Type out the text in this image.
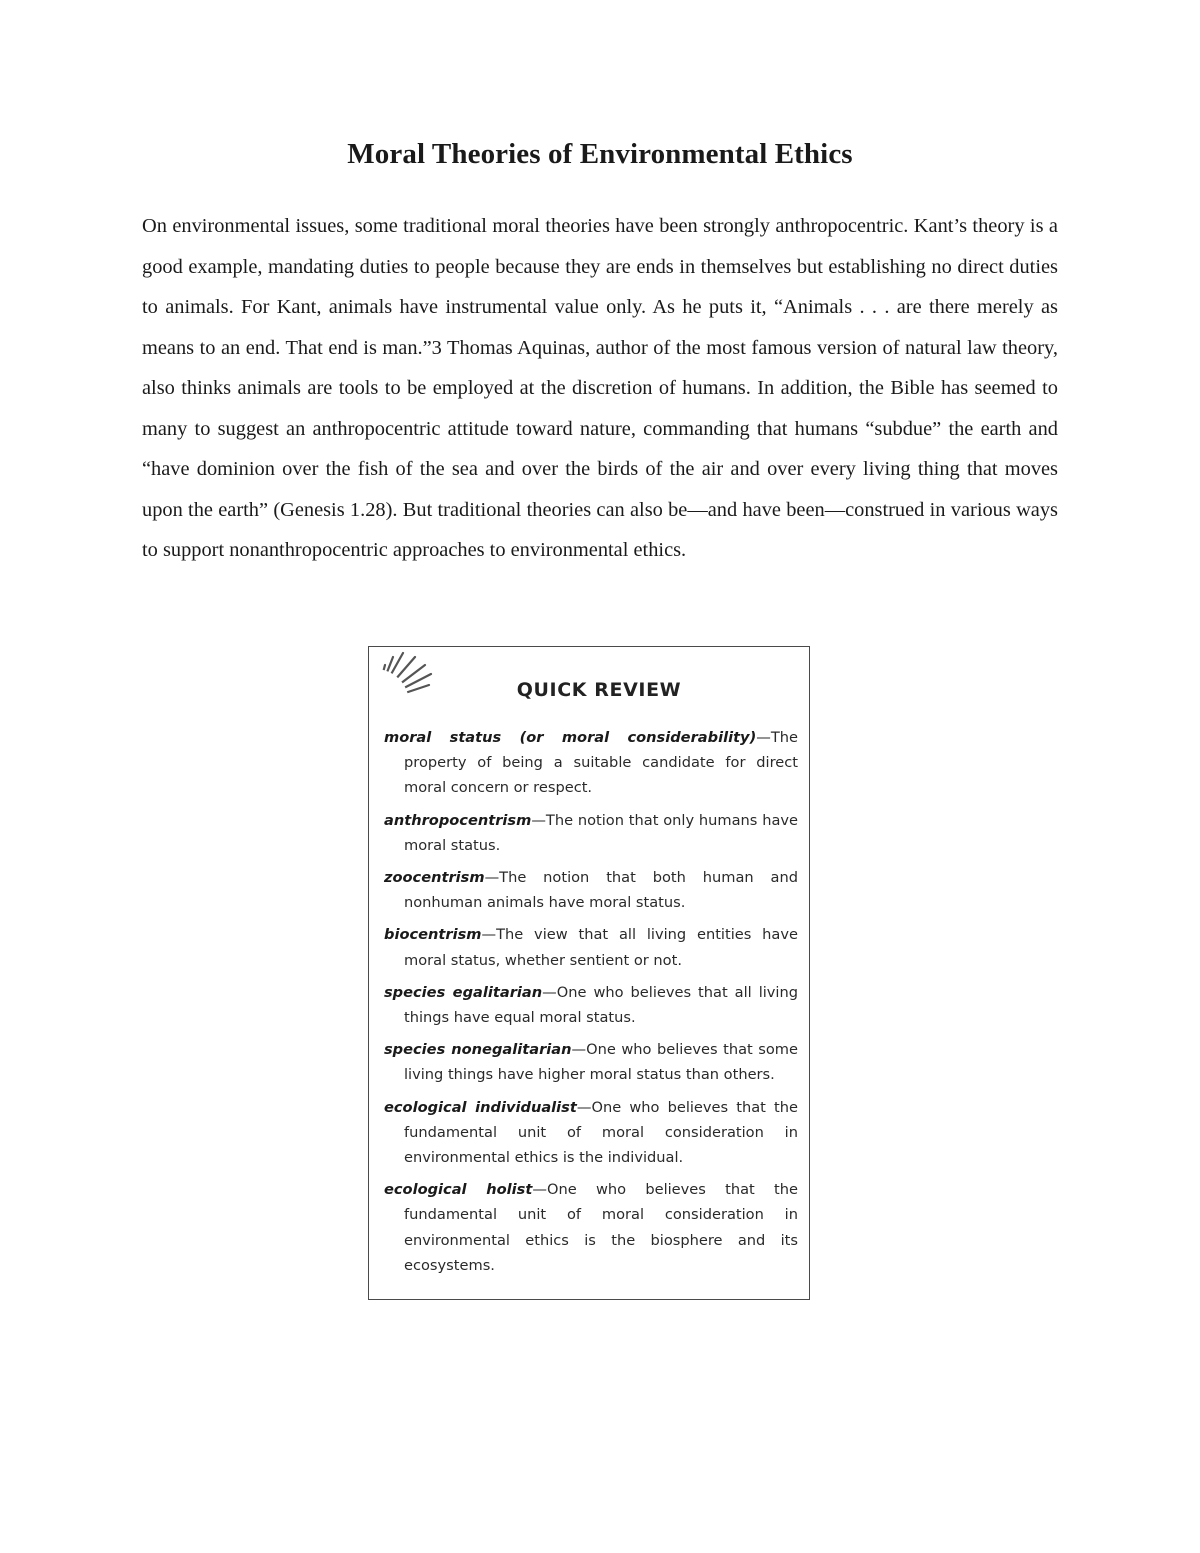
Moral Theories of Environmental Ethics

On environmental issues, some traditional moral theories have been strongly anthropocentric. Kant’s theory is a good example, mandating duties to people because they are ends in themselves but establishing no direct duties to animals. For Kant, animals have instrumental value only. As he puts it, “Animals . . . are there merely as means to an end. That end is man.”3 Thomas Aquinas, author of the most famous version of natural law theory, also thinks animals are tools to be employed at the discretion of humans. In addition, the Bible has seemed to many to suggest an anthropocentric attitude toward nature, commanding that humans “subdue” the earth and “have dominion over the fish of the sea and over the birds of the air and over every living thing that moves upon the earth” (Genesis 1.28). But traditional theories can also be—and have been—construed in various ways to support nonanthropocentric approaches to environmental ethics.

QUICK REVIEW
moral status (or moral considerability)—The property of being a suitable candidate for direct moral concern or respect.
anthropocentrism—The notion that only humans have moral status.
zoocentrism—The notion that both human and nonhuman animals have moral status.
biocentrism—The view that all living entities have moral status, whether sentient or not.
species egalitarian—One who believes that all living things have equal moral status.
species nonegalitarian—One who believes that some living things have higher moral status than others.
ecological individualist—One who believes that the fundamental unit of moral consideration in environmental ethics is the individual.
ecological holist—One who believes that the fundamental unit of moral consideration in environmental ethics is the biosphere and its ecosystems.
